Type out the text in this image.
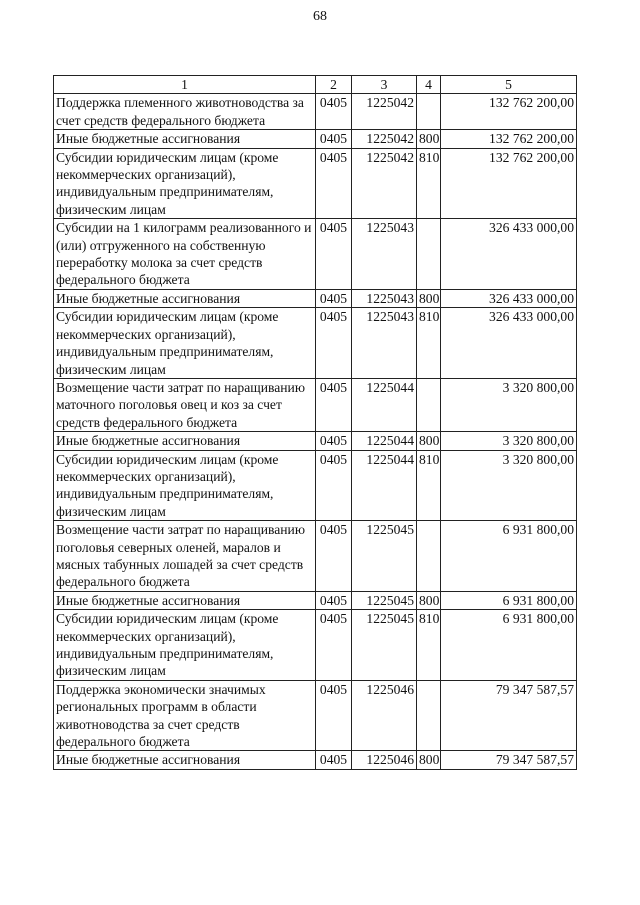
68
1	2	3	4	5
Поддержка племенного животноводства за счет средств федерального бюджета	0405	1225042		132 762 200,00
Иные бюджетные ассигнования	0405	1225042	800	132 762 200,00
Субсидии юридическим лицам (кроме некоммерческих организаций), индивидуальным предпринимателям, физическим лицам	0405	1225042	810	132 762 200,00
Субсидии на 1 килограмм реализованного и (или) отгруженного на собственную переработку молока за счет средств федерального бюджета	0405	1225043		326 433 000,00
Иные бюджетные ассигнования	0405	1225043	800	326 433 000,00
Субсидии юридическим лицам (кроме некоммерческих организаций), индивидуальным предпринимателям, физическим лицам	0405	1225043	810	326 433 000,00
Возмещение части затрат по наращиванию маточного поголовья овец и коз за счет средств федерального бюджета	0405	1225044		3 320 800,00
Иные бюджетные ассигнования	0405	1225044	800	3 320 800,00
Субсидии юридическим лицам (кроме некоммерческих организаций), индивидуальным предпринимателям, физическим лицам	0405	1225044	810	3 320 800,00
Возмещение части затрат по наращиванию поголовья северных оленей, маралов и мясных табунных лошадей за счет средств федерального бюджета	0405	1225045		6 931 800,00
Иные бюджетные ассигнования	0405	1225045	800	6 931 800,00
Субсидии юридическим лицам (кроме некоммерческих организаций), индивидуальным предпринимателям, физическим лицам	0405	1225045	810	6 931 800,00
Поддержка экономически значимых региональных программ в области животноводства за счет средств федерального бюджета	0405	1225046		79 347 587,57
Иные бюджетные ассигнования	0405	1225046	800	79 347 587,57
